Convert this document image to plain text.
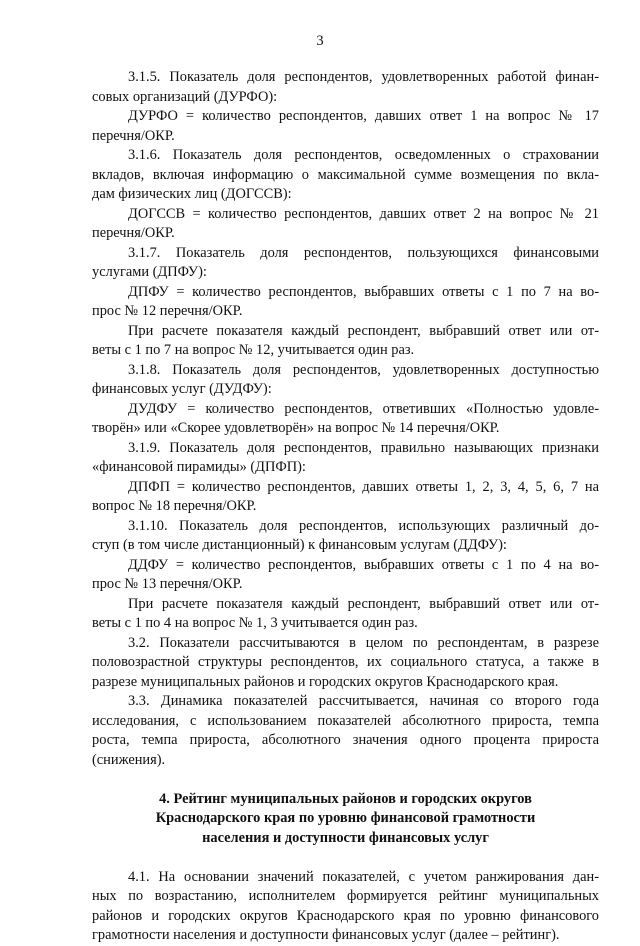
3
3.1.5. Показатель доля респондентов, удовлетворенных работой финан-
совых организаций (ДУРФО):
ДУРФО = количество респондентов, давших ответ 1 на вопрос № 17
перечня/ОКР.
3.1.6. Показатель доля респондентов, осведомленных о страховании
вкладов, включая информацию о максимальной сумме возмещения по вкла-
дам физических лиц (ДОГССВ):
ДОГССВ = количество респондентов, давших ответ 2 на вопрос № 21
перечня/ОКР.
3.1.7. Показатель доля респондентов, пользующихся финансовыми
услугами (ДПФУ):
ДПФУ = количество респондентов, выбравших ответы с 1 по 7 на во-
прос № 12 перечня/ОКР.
При расчете показателя каждый респондент, выбравший ответ или от-
веты с 1 по 7 на вопрос № 12, учитывается один раз.
3.1.8. Показатель доля респондентов, удовлетворенных доступностью
финансовых услуг (ДУДФУ):
ДУДФУ = количество респондентов, ответивших «Полностью удовле-
творён» или «Скорее удовлетворён» на вопрос № 14 перечня/ОКР.
3.1.9. Показатель доля респондентов, правильно называющих признаки
«финансовой пирамиды» (ДПФП):
ДПФП = количество респондентов, давших ответы 1, 2, 3, 4, 5, 6, 7 на
вопрос № 18 перечня/ОКР.
3.1.10. Показатель доля респондентов, использующих различный до-
ступ (в том числе дистанционный) к финансовым услугам (ДДФУ):
ДДФУ = количество респондентов, выбравших ответы с 1 по 4 на во-
прос № 13 перечня/ОКР.
При расчете показателя каждый респондент, выбравший ответ или от-
веты с 1 по 4 на вопрос № 1, 3 учитывается один раз.
3.2. Показатели рассчитываются в целом по респондентам, в разрезе
половозрастной структуры респондентов, их социального статуса, а также в
разрезе муниципальных районов и городских округов Краснодарского края.
3.3. Динамика показателей рассчитывается, начиная со второго года
исследования, с использованием показателей абсолютного прироста, темпа
роста, темпа прироста, абсолютного значения одного процента прироста
(снижения).
4. Рейтинг муниципальных районов и городских округов
Краснодарского края по уровню финансовой грамотности
населения и доступности финансовых услуг
4.1. На основании значений показателей, с учетом ранжирования дан-
ных по возрастанию, исполнителем формируется рейтинг муниципальных
районов и городских округов Краснодарского края по уровню финансового
грамотности населения и доступности финансовых услуг (далее – рейтинг).
